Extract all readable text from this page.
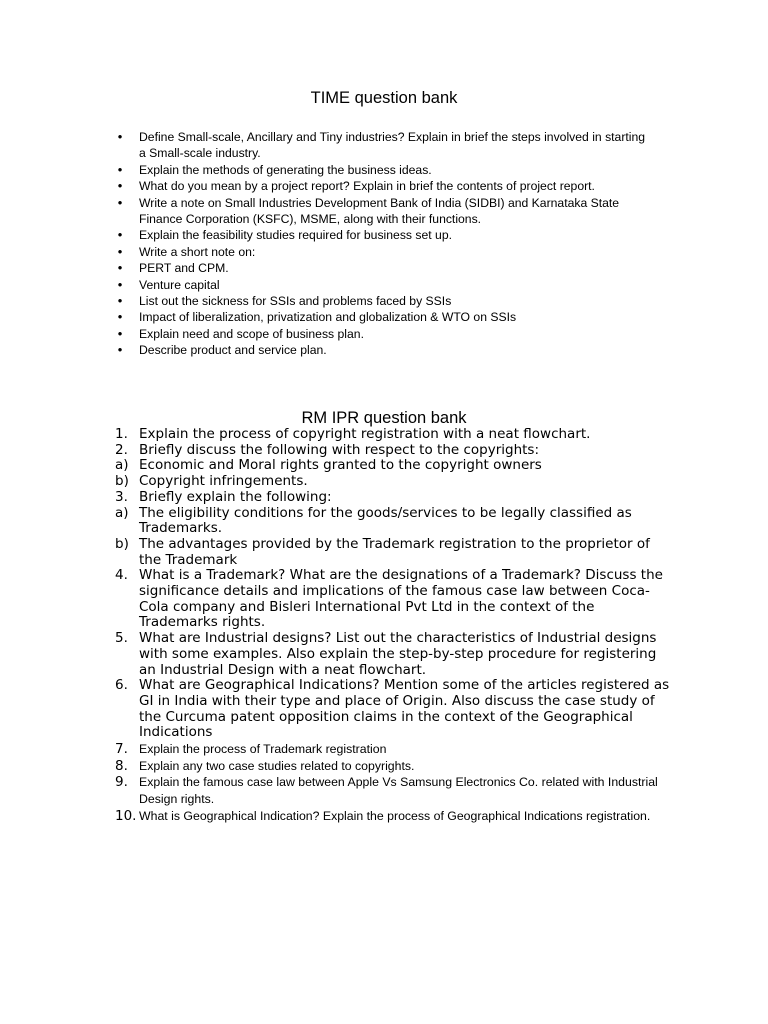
TIME question bank
• Define Small-scale, Ancillary and Tiny industries? Explain in brief the steps involved in starting a Small-scale industry.
• Explain the methods of generating the business ideas.
• What do you mean by a project report? Explain in brief the contents of project report.
• Write a note on Small Industries Development Bank of India (SIDBI) and Karnataka State Finance Corporation (KSFC), MSME, along with their functions.
• Explain the feasibility studies required for business set up.
• Write a short note on:
• PERT and CPM.
• Venture capital
• List out the sickness for SSIs and problems faced by SSIs
• Impact of liberalization, privatization and globalization & WTO on SSIs
• Explain need and scope of business plan.
• Describe product and service plan.
RM IPR question bank
1. Explain the process of copyright registration with a neat flowchart.
2. Briefly discuss the following with respect to the copyrights:
a) Economic and Moral rights granted to the copyright owners
b) Copyright infringements.
3. Briefly explain the following:
a) The eligibility conditions for the goods/services to be legally classified as Trademarks.
b) The advantages provided by the Trademark registration to the proprietor of the Trademark
4. What is a Trademark? What are the designations of a Trademark? Discuss the significance details and implications of the famous case law between Coca-Cola company and Bisleri International Pvt Ltd in the context of the Trademarks rights.
5. What are Industrial designs? List out the characteristics of Industrial designs with some examples. Also explain the step-by-step procedure for registering an Industrial Design with a neat flowchart.
6. What are Geographical Indications? Mention some of the articles registered as GI in India with their type and place of Origin. Also discuss the case study of the Curcuma patent opposition claims in the context of the Geographical Indications
7. Explain the process of Trademark registration
8. Explain any two case studies related to copyrights.
9. Explain the famous case law between Apple Vs Samsung Electronics Co. related with Industrial Design rights.
10. What is Geographical Indication? Explain the process of Geographical Indications registration.
